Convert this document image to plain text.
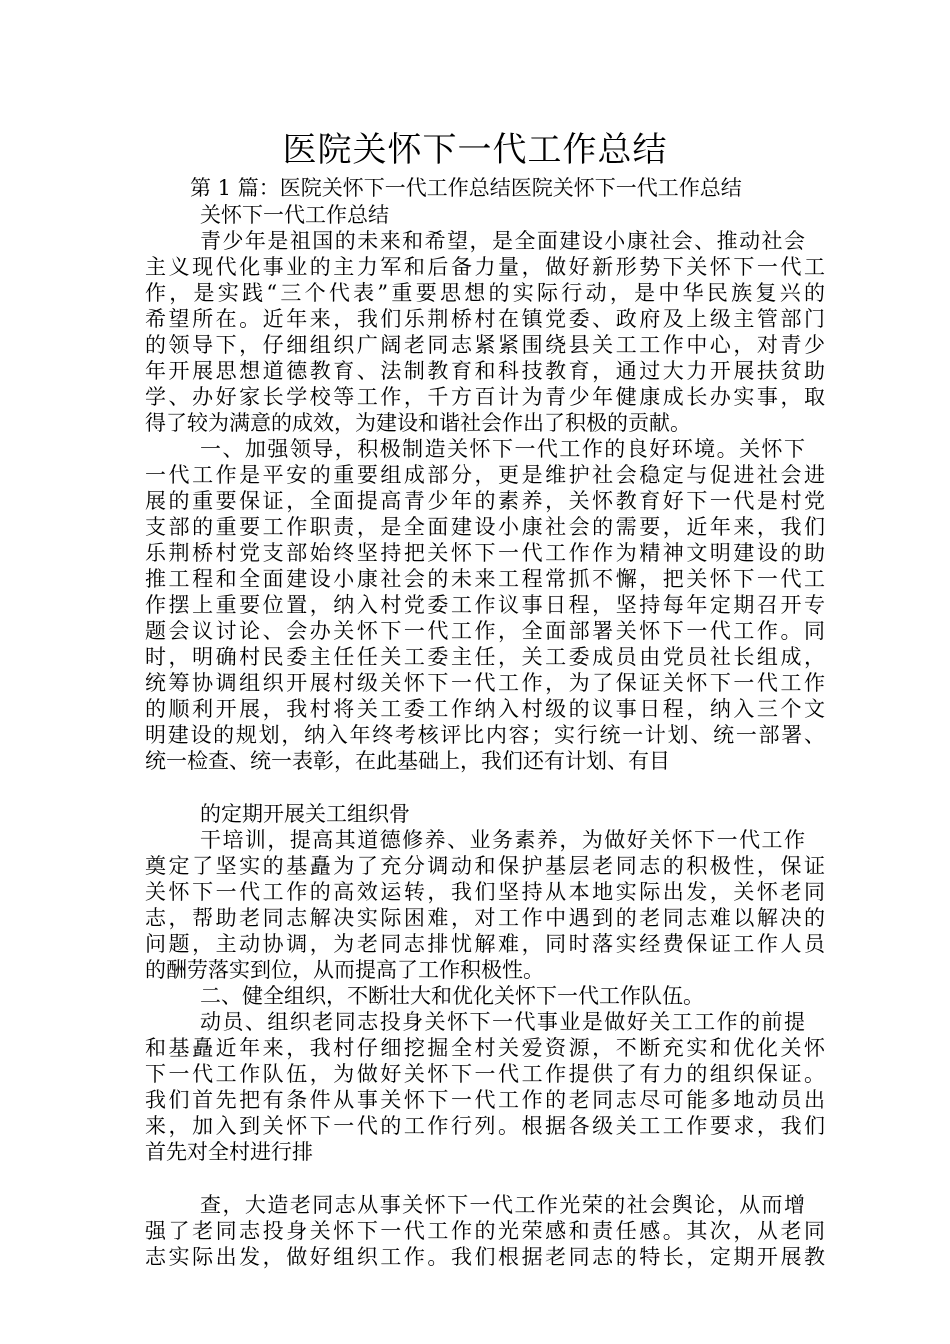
医院关怀下一代工作总结
第 1 篇：医院关怀下一代工作总结医院关怀下一代工作总结
关怀下一代工作总结
青少年是祖国的未来和希望，是全面建设小康社会、推动社会
主义现代化事业的主力军和后备力量，做好新形势下关怀下一代工
作，是实践“三个代表”重要思想的实际行动，是中华民族复兴的
希望所在。近年来，我们乐荆桥村在镇党委、政府及上级主管部门
的领导下，仔细组织广阔老同志紧紧围绕县关工工作中心，对青少
年开展思想道德教育、法制教育和科技教育，通过大力开展扶贫助
学、办好家长学校等工作，千方百计为青少年健康成长办实事，取
得了较为满意的成效，为建设和谐社会作出了积极的贡献。
一、加强领导，积极制造关怀下一代工作的良好环境。关怀下
一代工作是平安的重要组成部分，更是维护社会稳定与促进社会进
展的重要保证，全面提高青少年的素养，关怀教育好下一代是村党
支部的重要工作职责，是全面建设小康社会的需要，近年来，我们
乐荆桥村党支部始终坚持把关怀下一代工作作为精神文明建设的助
推工程和全面建设小康社会的未来工程常抓不懈，把关怀下一代工
作摆上重要位置，纳入村党委工作议事日程，坚持每年定期召开专
题会议讨论、会办关怀下一代工作，全面部署关怀下一代工作。同
时，明确村民委主任任关工委主任，关工委成员由党员社长组成，
统筹协调组织开展村级关怀下一代工作，为了保证关怀下一代工作
的顺利开展，我村将关工委工作纳入村级的议事日程，纳入三个文
明建设的规划，纳入年终考核评比内容；实行统一计划、统一部署、
统一检查、统一表彰，在此基础上，我们还有计划、有目
的定期开展关工组织骨
干培训，提高其道德修养、业务素养，为做好关怀下一代工作
奠定了坚实的基矗为了充分调动和保护基层老同志的积极性，保证
关怀下一代工作的高效运转，我们坚持从本地实际出发，关怀老同
志，帮助老同志解决实际困难，对工作中遇到的老同志难以解决的
问题，主动协调，为老同志排忧解难，同时落实经费保证工作人员
的酬劳落实到位，从而提高了工作积极性。
二、健全组织，不断壮大和优化关怀下一代工作队伍。
动员、组织老同志投身关怀下一代事业是做好关工工作的前提
和基矗近年来，我村仔细挖掘全村关爱资源，不断充实和优化关怀
下一代工作队伍，为做好关怀下一代工作提供了有力的组织保证。
我们首先把有条件从事关怀下一代工作的老同志尽可能多地动员出
来，加入到关怀下一代的工作行列。根据各级关工工作要求，我们
首先对全村进行排
查，大造老同志从事关怀下一代工作光荣的社会舆论，从而增
强了老同志投身关怀下一代工作的光荣感和责任感。其次，从老同
志实际出发，做好组织工作。我们根据老同志的特长，定期开展教
